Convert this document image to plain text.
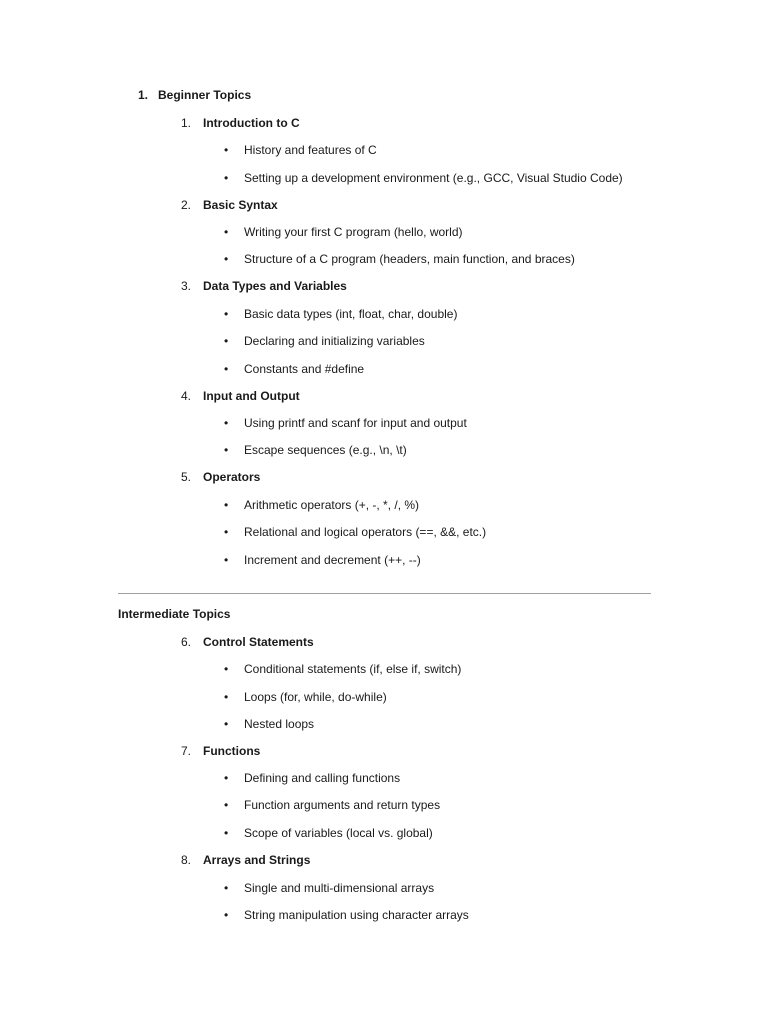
1. Beginner Topics
1. Introduction to C
• History and features of C
• Setting up a development environment (e.g., GCC, Visual Studio Code)
2. Basic Syntax
• Writing your first C program (hello, world)
• Structure of a C program (headers, main function, and braces)
3. Data Types and Variables
• Basic data types (int, float, char, double)
• Declaring and initializing variables
• Constants and #define
4. Input and Output
• Using printf and scanf for input and output
• Escape sequences (e.g., \n, \t)
5. Operators
• Arithmetic operators (+, -, *, /, %)
• Relational and logical operators (==, &&, etc.)
• Increment and decrement (++, --)
Intermediate Topics
6. Control Statements
• Conditional statements (if, else if, switch)
• Loops (for, while, do-while)
• Nested loops
7. Functions
• Defining and calling functions
• Function arguments and return types
• Scope of variables (local vs. global)
8. Arrays and Strings
• Single and multi-dimensional arrays
• String manipulation using character arrays
